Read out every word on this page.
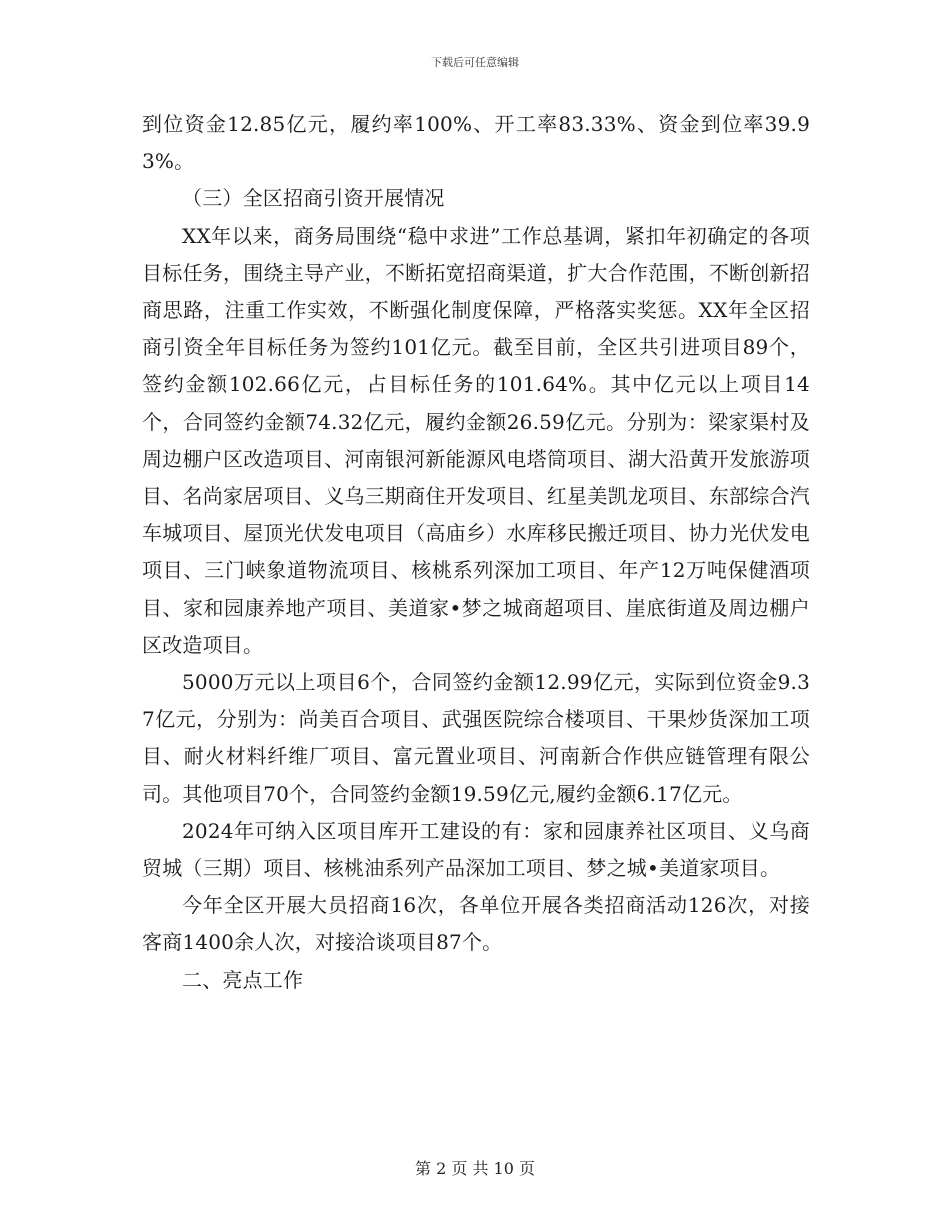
下载后可任意编辑

到位资金12.85亿元，履约率100%、开工率83.33%、资金到位率39.93%。

（三）全区招商引资开展情况

XX年以来，商务局围绕“稳中求进”工作总基调，紧扣年初确定的各项目标任务，围绕主导产业，不断拓宽招商渠道，扩大合作范围，不断创新招商思路，注重工作实效，不断强化制度保障，严格落实奖惩。XX年全区招商引资全年目标任务为签约101亿元。截至目前，全区共引进项目89个，签约金额102.66亿元，占目标任务的101.64%。其中亿元以上项目14个，合同签约金额74.32亿元，履约金额26.59亿元。分别为：梁家渠村及周边棚户区改造项目、河南银河新能源风电塔筒项目、湖大沿黄开发旅游项目、名尚家居项目、义乌三期商住开发项目、红星美凯龙项目、东部综合汽车城项目、屋顶光伏发电项目（高庙乡）水库移民搬迁项目、协力光伏发电项目、三门峡象道物流项目、核桃系列深加工项目、年产12万吨保健酒项目、家和园康养地产项目、美道家•梦之城商超项目、崖底街道及周边棚户区改造项目。

5000万元以上项目6个，合同签约金额12.99亿元，实际到位资金9.37亿元，分别为：尚美百合项目、武强医院综合楼项目、干果炒货深加工项目、耐火材料纤维厂项目、富元置业项目、河南新合作供应链管理有限公司。其他项目70个，合同签约金额19.59亿元,履约金额6.17亿元。

2024年可纳入区项目库开工建设的有：家和园康养社区项目、义乌商贸城（三期）项目、核桃油系列产品深加工项目、梦之城•美道家项目。

今年全区开展大员招商16次，各单位开展各类招商活动126次，对接客商1400余人次，对接洽谈项目87个。

二、亮点工作

第 2 页 共 10 页
